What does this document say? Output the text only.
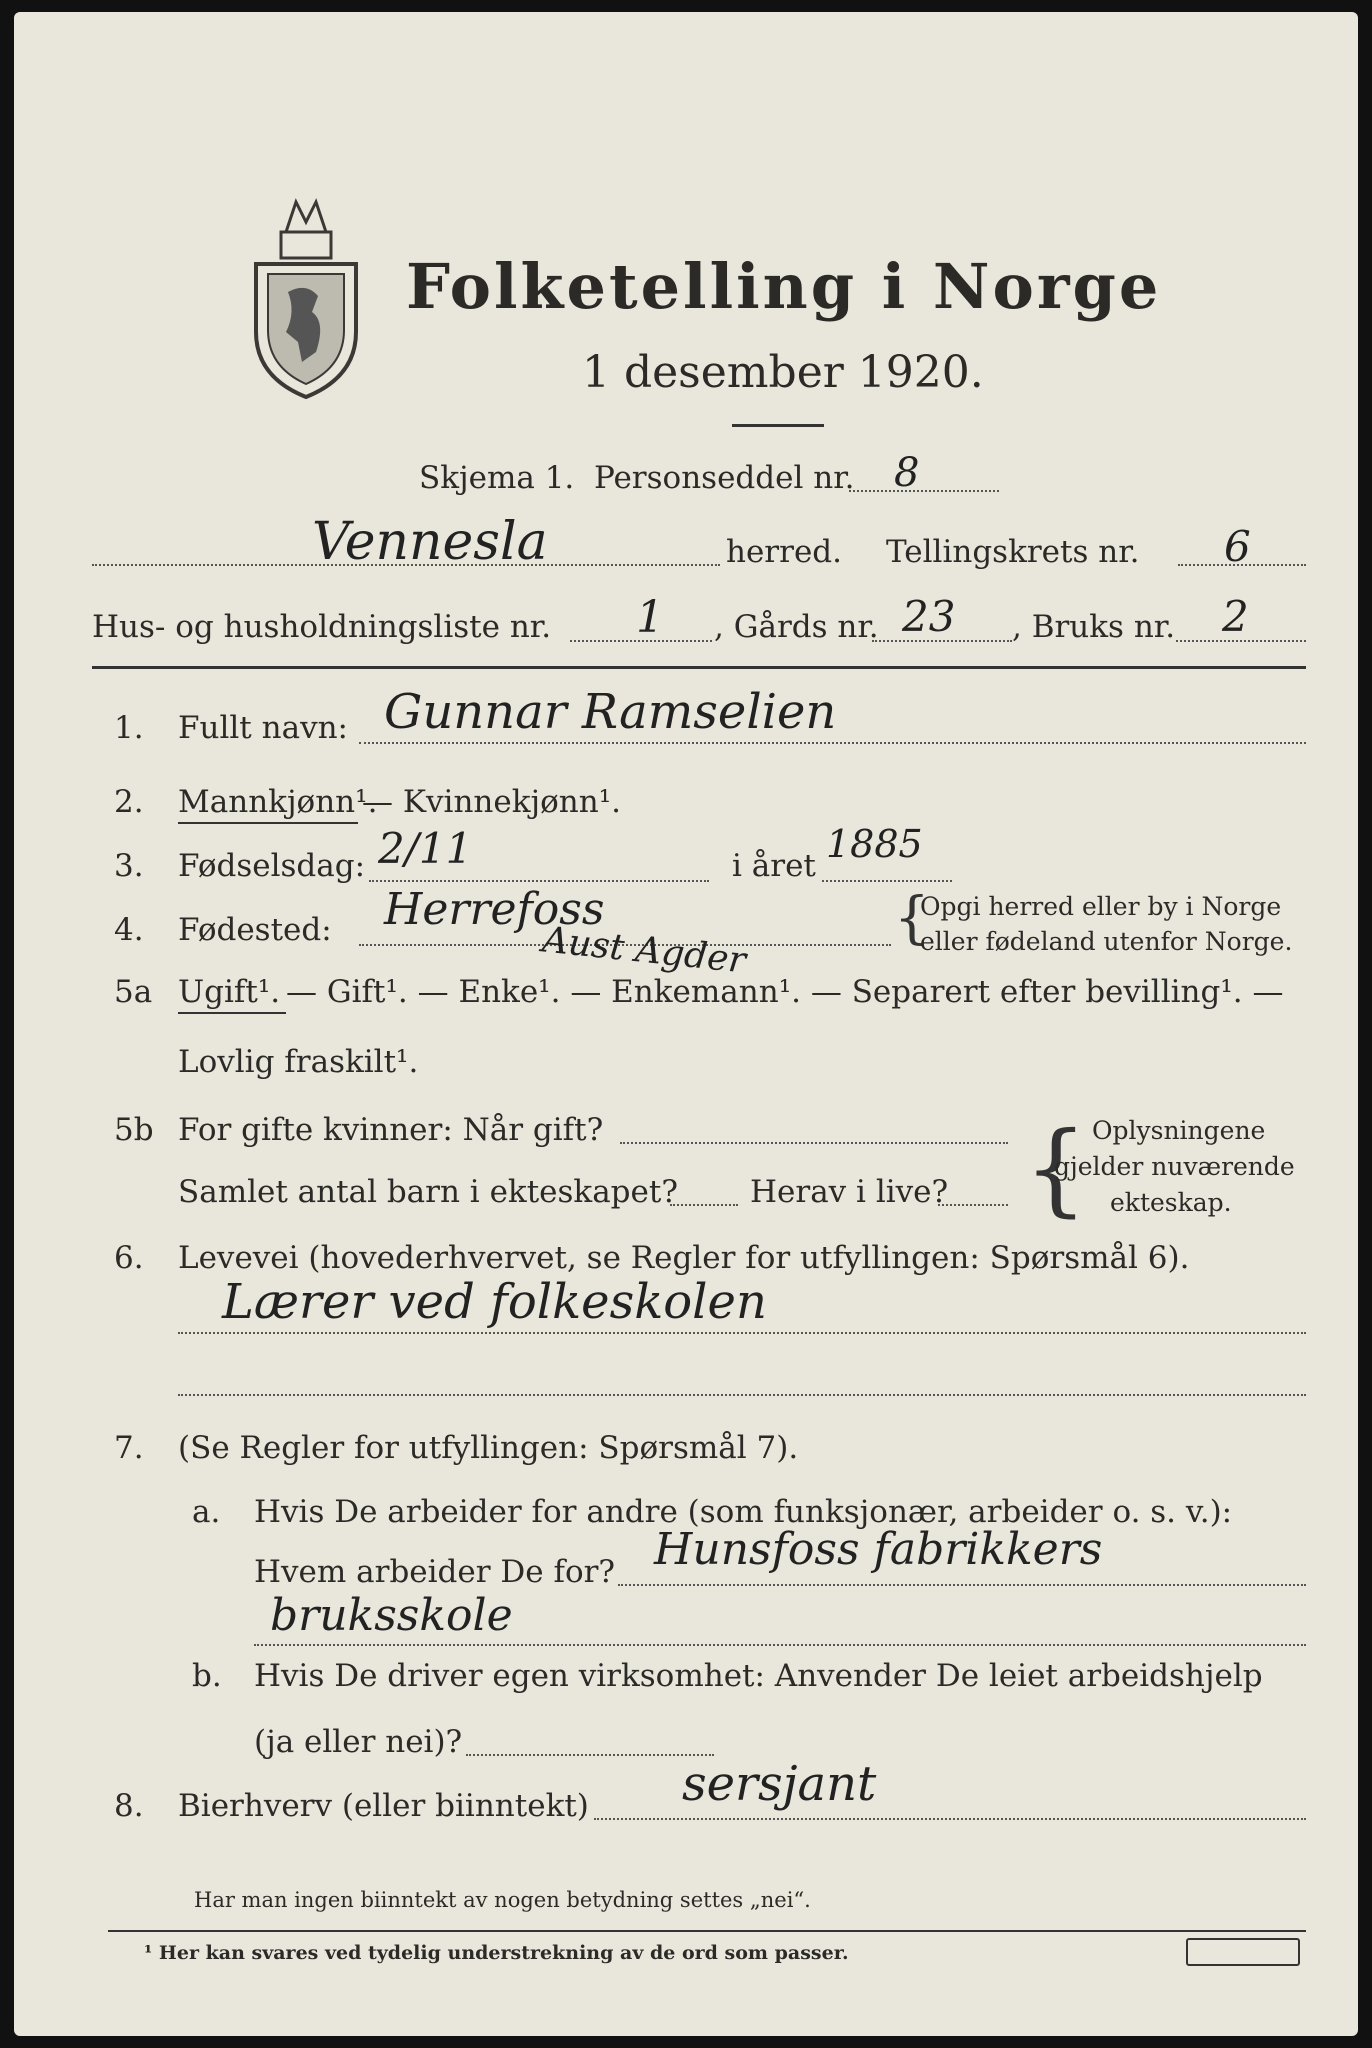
Folketelling i Norge
1 desember 1920.
Skjema 1. Personseddel nr. 8
Vennesla	herred. Tellingskrets nr. 6
Hus- og husholdningsliste nr. 1 , Gårds nr. 23 , Bruks nr. 2
1. Fullt navn: Gunnar Ramselien
2. Mannkjønn¹.
— Kvinnekjønn¹.
3. Fødselsdag: 2/11	i året 1885
4. Fødested: Herrefoss
Aust Agder	{
Opgi herred eller by i Norge
eller fødeland utenfor Norge.
5a Ugift¹. — Gift¹. — Enke¹. — Enkemann¹. — Separert efter bevilling¹. —
Lovlig fraskilt¹.
5b For gifte kvinner: Når gift?
Samlet antal barn i ekteskapet? Herav i live? { Oplysningene
gjelder nuværende
ekteskap.
6. Levevei (hovederhvervet, se Regler for utfyllingen: Spørsmål 6).
Lærer ved folkeskolen
7. (Se Regler for utfyllingen: Spørsmål 7).
a. Hvis De arbeider for andre (som funksjonær, arbeider o. s. v.):
Hvem arbeider De for? Hunsfoss fabrikkers
bruksskole
b. Hvis De driver egen virksomhet: Anvender De leiet arbeidshjelp
(ja eller nei)?
8. Bierhverv (eller biinntekt) sersjant
Har man ingen biinntekt av nogen betydning settes „nei“.
¹ Her kan svares ved tydelig understrekning av de ord som passer.
